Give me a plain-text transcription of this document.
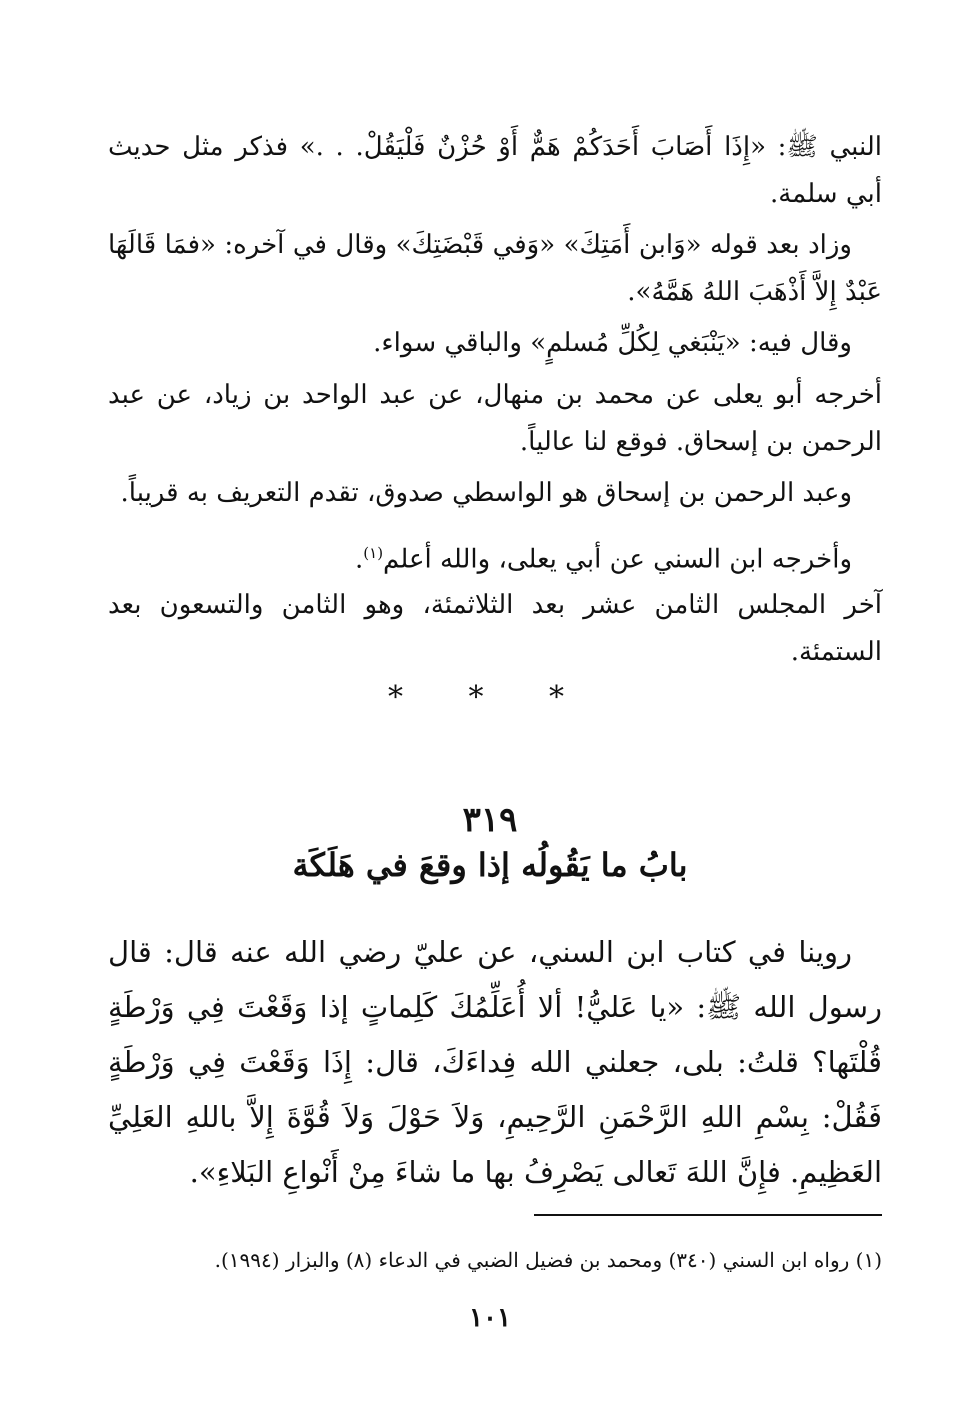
النبي ﷺ: «إِذَا أَصَابَ أَحَدَكُمْ هَمٌّ أَوْ حُزْنٌ فَلْيَقُلْ. . .» فذكر مثل حديث أبي سلمة.

وزاد بعد قوله «وَابن أَمَتِكَ» «وَفي قَبْضَتِكَ» وقال في آخره: «فمَا قَالَهَا عَبْدٌ إِلاَّ أَذْهَبَ اللهُ هَمَّهُ».

وقال فيه: «يَنْبَغي لِكُلِّ مُسلمٍ» والباقي سواء.

أخرجه أبو يعلى عن محمد بن منهال، عن عبد الواحد بن زياد، عن عبد الرحمن بن إسحاق. فوقع لنا عالياً.

وعبد الرحمن بن إسحاق هو الواسطي صدوق، تقدم التعريف به قريباً.

وأخرجه ابن السني عن أبي يعلى، والله أعلم$^{(١)}$.

آخر المجلس الثامن عشر بعد الثلاثمئة، وهو الثامن والتسعون بعد الستمئة.

* * *
٣١٩
بابُ ما يَقُولُه إذا وقعَ في هَلَكَة

روينا في كتاب ابن السني، عن عليّ رضي الله عنه قال: قال رسول الله ﷺ: «يا عَليُّ! ألا أُعَلِّمُكَ كَلِماتٍ إذا وَقَعْتَ فِي وَرْطَةٍ قُلْتَها؟ قلتُ: بلى، جعلني الله فِداءَكَ، قال: إِذَا وَقَعْتَ فِي وَرْطَةٍ فَقُلْ: بِسْمِ اللهِ الرَّحْمَنِ الرَّحِيمِ، وَلاَ حَوْلَ وَلاَ قُوَّةَ إِلاَّ باللهِ العَلِيِّ العَظِيمِ. فإِنَّ اللهَ تَعالى يَصْرِفُ بها ما شاءَ مِنْ أَنْواعِ البَلاءِ».

(١) رواه ابن السني (٣٤٠) ومحمد بن فضيل الضبي في الدعاء (٨) والبزار (١٩٩٤).
١٠١
